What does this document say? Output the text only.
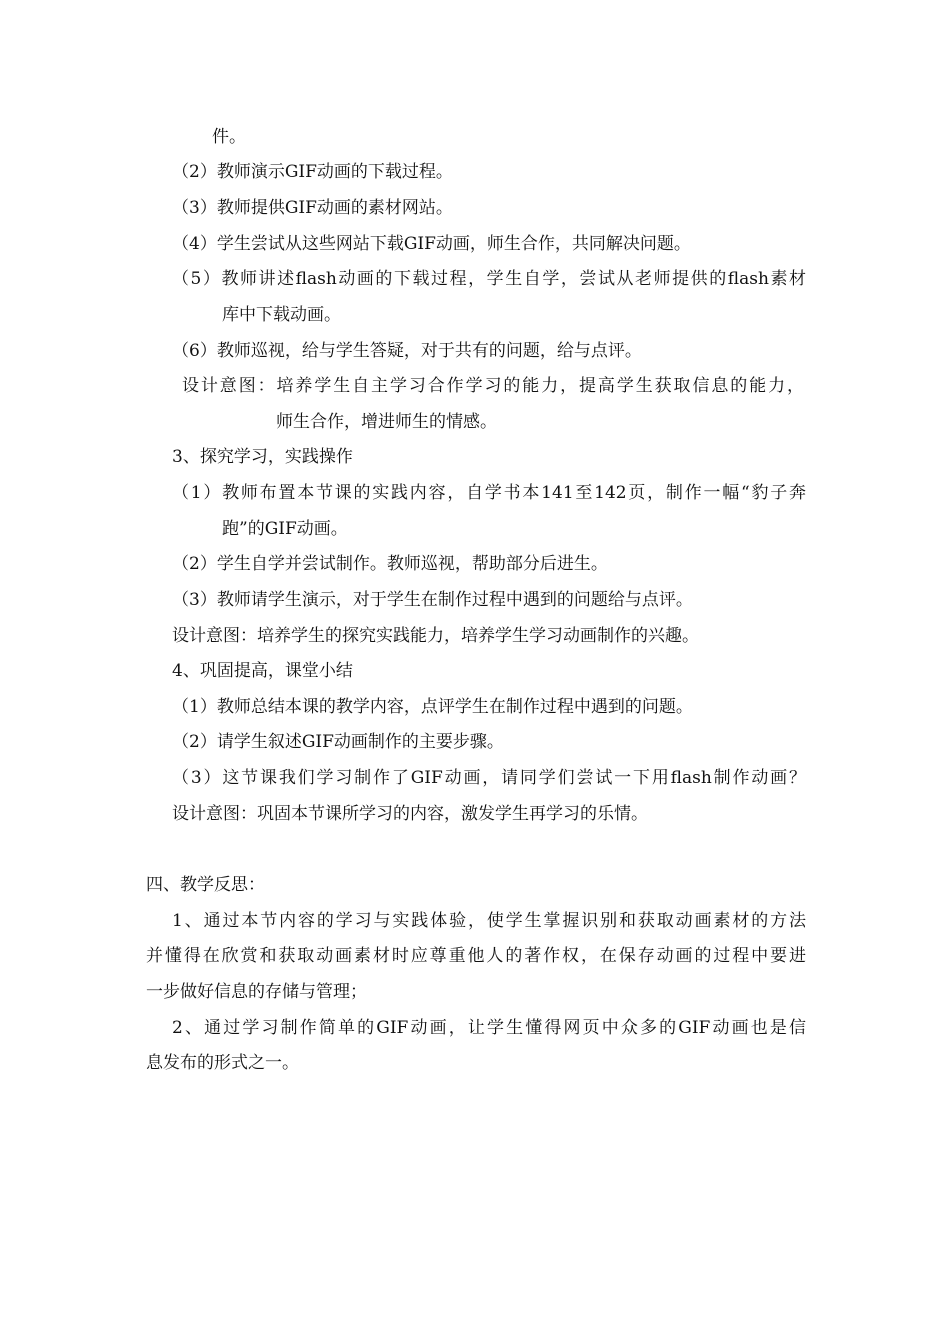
件。
（2）教师演示GIF动画的下载过程。
（3）教师提供GIF动画的素材网站。
（4）学生尝试从这些网站下载GIF动画，师生合作，共同解决问题。
（5）教师讲述flash动画的下载过程，学生自学，尝试从老师提供的flash素材
库中下载动画。
（6）教师巡视，给与学生答疑，对于共有的问题，给与点评。
设计意图：培养学生自主学习合作学习的能力，提高学生获取信息的能力，
师生合作，增进师生的情感。
3、探究学习，实践操作
（1）教师布置本节课的实践内容，自学书本141至142页，制作一幅“豹子奔
跑”的GIF动画。
（2）学生自学并尝试制作。教师巡视，帮助部分后进生。
（3）教师请学生演示，对于学生在制作过程中遇到的问题给与点评。
设计意图：培养学生的探究实践能力，培养学生学习动画制作的兴趣。
4、巩固提高，课堂小结
（1）教师总结本课的教学内容，点评学生在制作过程中遇到的问题。
（2）请学生叙述GIF动画制作的主要步骤。
（3）这节课我们学习制作了GIF动画，请同学们尝试一下用flash制作动画？
设计意图：巩固本节课所学习的内容，激发学生再学习的乐情。
四、教学反思：
1、通过本节内容的学习与实践体验，使学生掌握识别和获取动画素材的方法
并懂得在欣赏和获取动画素材时应尊重他人的著作权，在保存动画的过程中要进
一步做好信息的存储与管理；
2、通过学习制作简单的GIF动画，让学生懂得网页中众多的GIF动画也是信
息发布的形式之一。
